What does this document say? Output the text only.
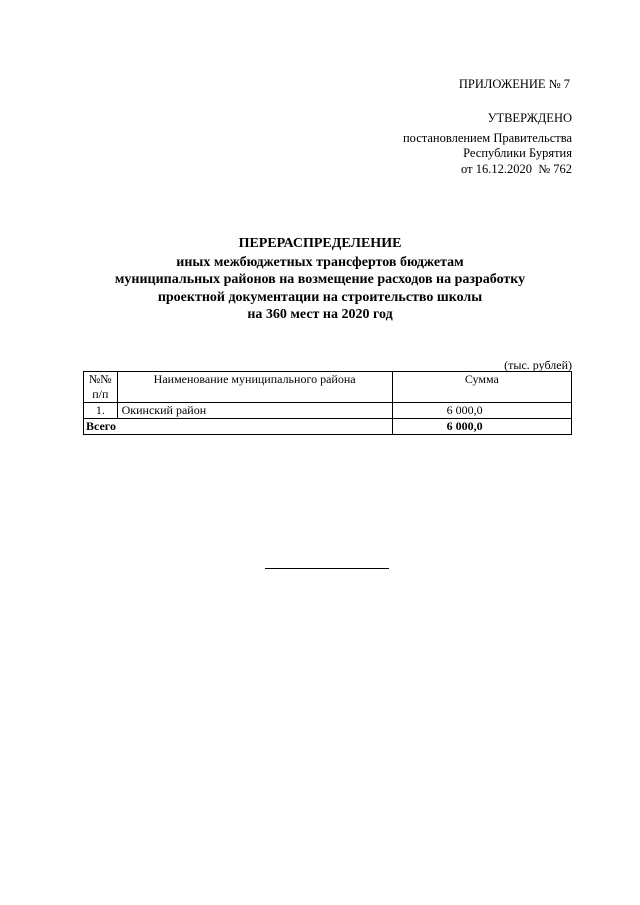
ПРИЛОЖЕНИЕ № 7
УТВЕРЖДЕНО
постановлением Правительства
Республики Бурятия
от 16.12.2020  № 762
ПЕРЕРАСПРЕДЕЛЕНИЕ
иных межбюджетных трансфертов бюджетам
муниципальных районов на возмещение расходов на разработку
проектной документации на строительство школы
на 360 мест на 2020 год
(тыс. рублей)
№№
п/п	Наименование муниципального района	Сумма
1.	Окинский район	6 000,0
Всего		6 000,0
